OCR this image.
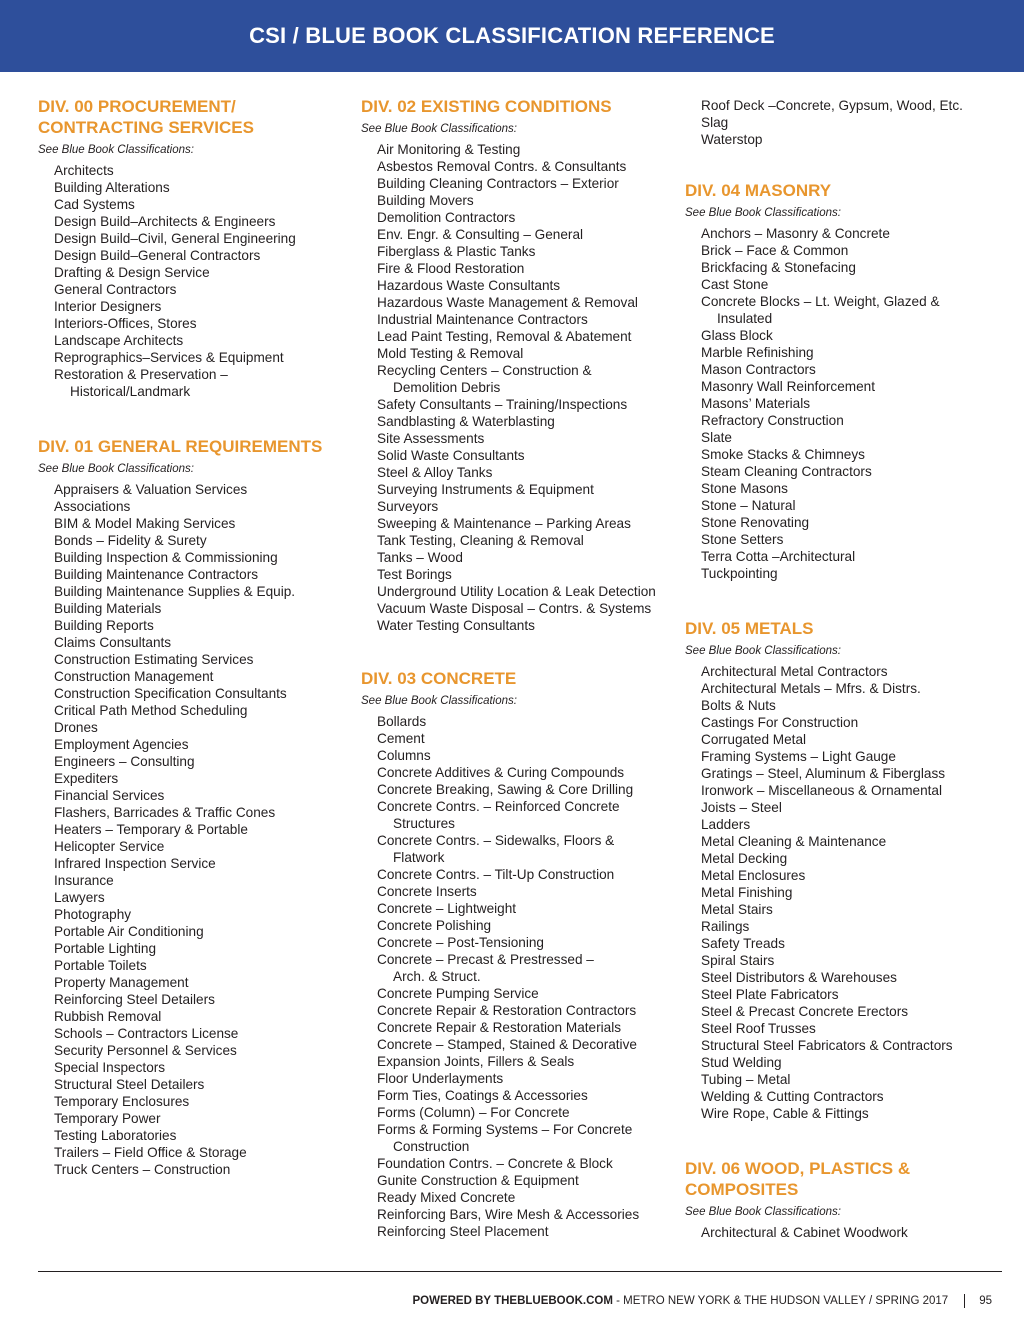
CSI / BLUE BOOK CLASSIFICATION REFERENCE
DIV. 00 PROCUREMENT/
CONTRACTING SERVICES
See Blue Book Classifications:
Architects
Building Alterations
Cad Systems
Design Build–Architects & Engineers
Design Build–Civil, General Engineering
Design Build–General Contractors
Drafting & Design Service
General Contractors
Interior Designers
Interiors-Offices, Stores
Landscape Architects
Reprographics–Services & Equipment
Restoration & Preservation –
Historical/Landmark
DIV. 01 GENERAL REQUIREMENTS
See Blue Book Classifications:
Appraisers & Valuation Services
Associations
BIM & Model Making Services
Bonds – Fidelity & Surety
Building Inspection & Commissioning
Building Maintenance Contractors
Building Maintenance Supplies & Equip.
Building Materials
Building Reports
Claims Consultants
Construction Estimating Services
Construction Management
Construction Specification Consultants
Critical Path Method Scheduling
Drones
Employment Agencies
Engineers – Consulting
Expediters
Financial Services
Flashers, Barricades & Traffic Cones
Heaters – Temporary & Portable
Helicopter Service
Infrared Inspection Service
Insurance
Lawyers
Photography
Portable Air Conditioning
Portable Lighting
Portable Toilets
Property Management
Reinforcing Steel Detailers
Rubbish Removal
Schools – Contractors License
Security Personnel & Services
Special Inspectors
Structural Steel Detailers
Temporary Enclosures
Temporary Power
Testing Laboratories
Trailers – Field Office & Storage
Truck Centers – Construction
DIV. 02 EXISTING CONDITIONS
See Blue Book Classifications:
Air Monitoring & Testing
Asbestos Removal Contrs. & Consultants
Building Cleaning Contractors – Exterior
Building Movers
Demolition Contractors
Env. Engr. & Consulting – General
Fiberglass & Plastic Tanks
Fire & Flood Restoration
Hazardous Waste Consultants
Hazardous Waste Management & Removal
Industrial Maintenance Contractors
Lead Paint Testing, Removal & Abatement
Mold Testing & Removal
Recycling Centers – Construction &
Demolition Debris
Safety Consultants – Training/Inspections
Sandblasting & Waterblasting
Site Assessments
Solid Waste Consultants
Steel & Alloy Tanks
Surveying Instruments & Equipment
Surveyors
Sweeping & Maintenance – Parking Areas
Tank Testing, Cleaning & Removal
Tanks – Wood
Test Borings
Underground Utility Location & Leak Detection
Vacuum Waste Disposal – Contrs. & Systems
Water Testing Consultants
DIV. 03 CONCRETE
See Blue Book Classifications:
Bollards
Cement
Columns
Concrete Additives & Curing Compounds
Concrete Breaking, Sawing & Core Drilling
Concrete Contrs. – Reinforced Concrete
Structures
Concrete Contrs. – Sidewalks, Floors &
Flatwork
Concrete Contrs. – Tilt-Up Construction
Concrete Inserts
Concrete – Lightweight
Concrete Polishing
Concrete – Post-Tensioning
Concrete – Precast & Prestressed –
Arch. & Struct.
Concrete Pumping Service
Concrete Repair & Restoration Contractors
Concrete Repair & Restoration Materials
Concrete – Stamped, Stained & Decorative
Expansion Joints, Fillers & Seals
Floor Underlayments
Form Ties, Coatings & Accessories
Forms (Column) – For Concrete
Forms & Forming Systems – For Concrete
Construction
Foundation Contrs. – Concrete & Block
Gunite Construction & Equipment
Ready Mixed Concrete
Reinforcing Bars, Wire Mesh & Accessories
Reinforcing Steel Placement
Roof Deck –Concrete, Gypsum, Wood, Etc.
Slag
Waterstop
DIV. 04 MASONRY
See Blue Book Classifications:
Anchors – Masonry & Concrete
Brick – Face & Common
Brickfacing & Stonefacing
Cast Stone
Concrete Blocks – Lt. Weight, Glazed &
Insulated
Glass Block
Marble Refinishing
Mason Contractors
Masonry Wall Reinforcement
Masons’ Materials
Refractory Construction
Slate
Smoke Stacks & Chimneys
Steam Cleaning Contractors
Stone Masons
Stone – Natural
Stone Renovating
Stone Setters
Terra Cotta –Architectural
Tuckpointing
DIV. 05 METALS
See Blue Book Classifications:
Architectural Metal Contractors
Architectural Metals – Mfrs. & Distrs.
Bolts & Nuts
Castings For Construction
Corrugated Metal
Framing Systems – Light Gauge
Gratings – Steel, Aluminum & Fiberglass
Ironwork – Miscellaneous & Ornamental
Joists – Steel
Ladders
Metal Cleaning & Maintenance
Metal Decking
Metal Enclosures
Metal Finishing
Metal Stairs
Railings
Safety Treads
Spiral Stairs
Steel Distributors & Warehouses
Steel Plate Fabricators
Steel & Precast Concrete Erectors
Steel Roof Trusses
Structural Steel Fabricators & Contractors
Stud Welding
Tubing – Metal
Welding & Cutting Contractors
Wire Rope, Cable & Fittings
DIV. 06 WOOD, PLASTICS &
COMPOSITES
See Blue Book Classifications:
Architectural & Cabinet Woodwork
POWERED BY THEBLUEBOOK.COM - METRO NEW YORK & THE HUDSON VALLEY / SPRING 2017	95
